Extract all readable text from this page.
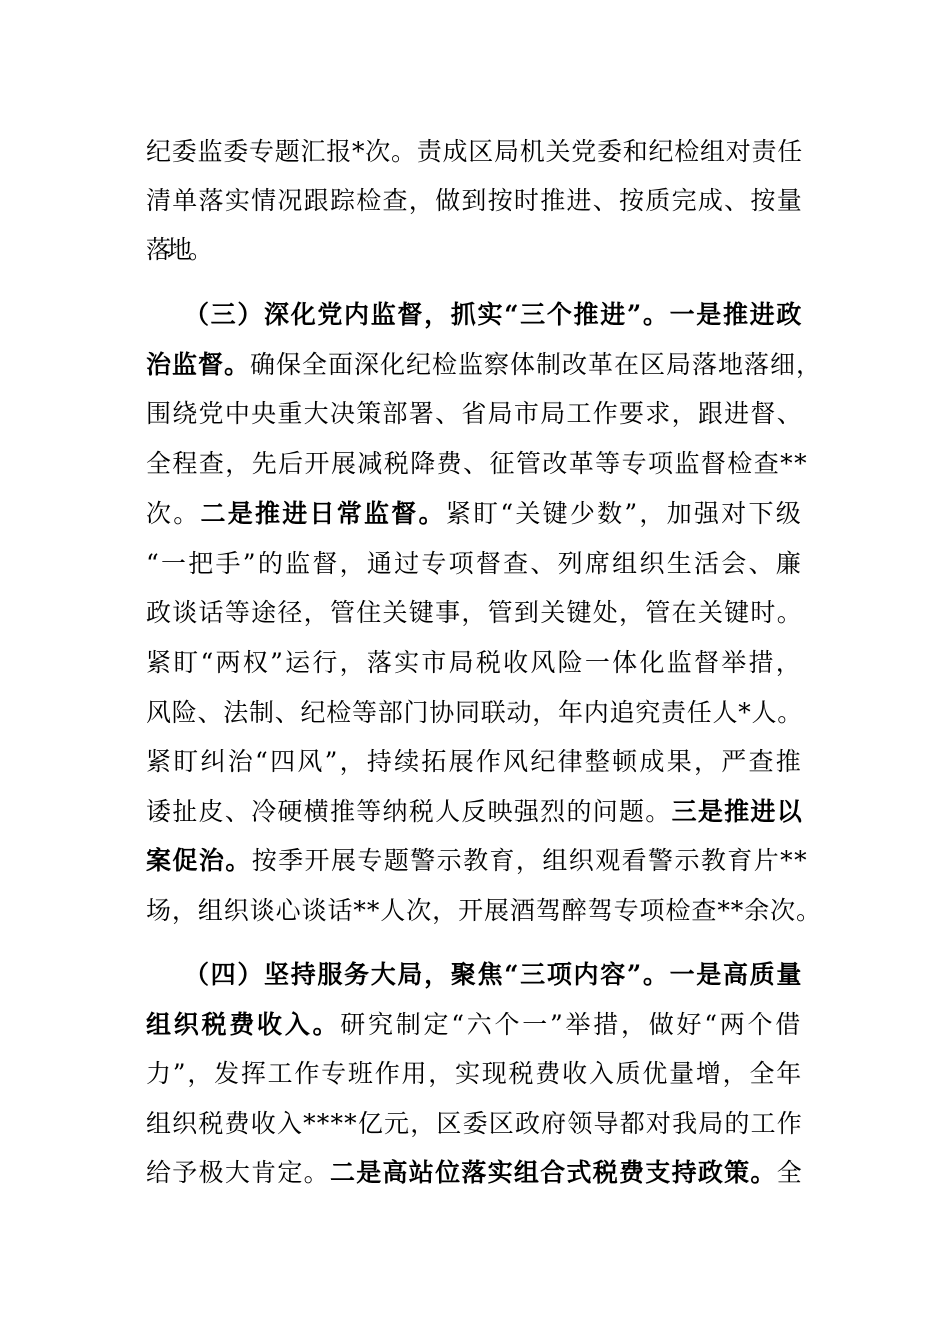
纪委监委专题汇报*次。责成区局机关党委和纪检组对责任
清单落实情况跟踪检查，做到按时推进、按质完成、按量
落地。
（三）深化党内监督，抓实“三个推进”。一是推进政
治监督。确保全面深化纪检监察体制改革在区局落地落细，
围绕党中央重大决策部署、省局市局工作要求，跟进督、
全程查，先后开展减税降费、征管改革等专项监督检查**
次。二是推进日常监督。紧盯“关键少数”，加强对下级
“一把手”的监督，通过专项督查、列席组织生活会、廉
政谈话等途径，管住关键事，管到关键处，管在关键时。
紧盯“两权”运行，落实市局税收风险一体化监督举措，
风险、法制、纪检等部门协同联动，年内追究责任人*人。
紧盯纠治“四风”，持续拓展作风纪律整顿成果，严查推
诿扯皮、冷硬横推等纳税人反映强烈的问题。三是推进以
案促治。按季开展专题警示教育，组织观看警示教育片**
场，组织谈心谈话**人次，开展酒驾醉驾专项检查**余次。
（四）坚持服务大局，聚焦“三项内容”。一是高质量
组织税费收入。研究制定“六个一”举措，做好“两个借
力”，发挥工作专班作用，实现税费收入质优量增，全年
组织税费收入****亿元，区委区政府领导都对我局的工作
给予极大肯定。二是高站位落实组合式税费支持政策。全
